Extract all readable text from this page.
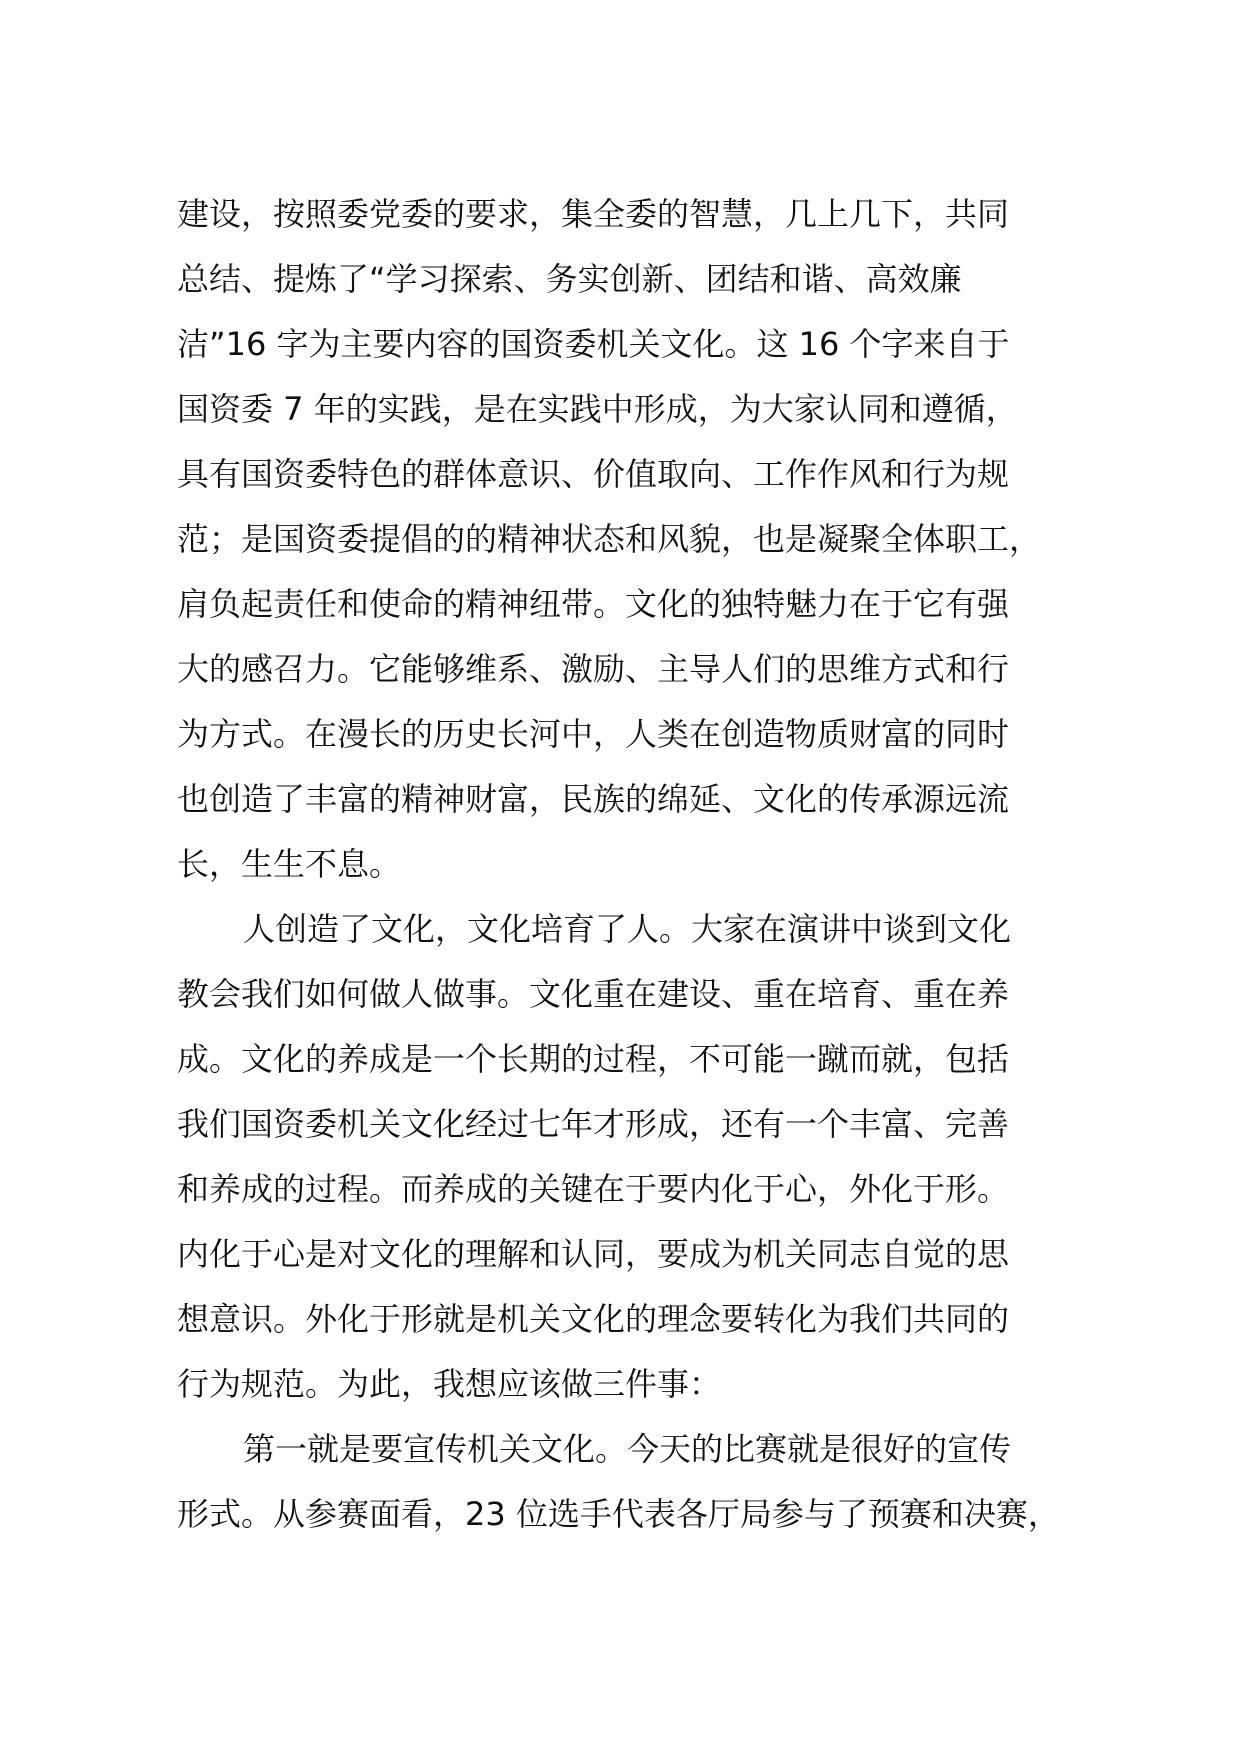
建设，按照委党委的要求，集全委的智慧，几上几下，共同
总结、提炼了“学习探索、务实创新、团结和谐、高效廉
洁”16 字为主要内容的国资委机关文化。这 16 个字来自于
国资委 7 年的实践，是在实践中形成，为大家认同和遵循，
具有国资委特色的群体意识、价值取向、工作作风和行为规
范；是国资委提倡的的精神状态和风貌，也是凝聚全体职工，
肩负起责任和使命的精神纽带。文化的独特魅力在于它有强
大的感召力。它能够维系、激励、主导人们的思维方式和行
为方式。在漫长的历史长河中，人类在创造物质财富的同时
也创造了丰富的精神财富，民族的绵延、文化的传承源远流
长，生生不息。
人创造了文化，文化培育了人。大家在演讲中谈到文化
教会我们如何做人做事。文化重在建设、重在培育、重在养
成。文化的养成是一个长期的过程，不可能一蹴而就，包括
我们国资委机关文化经过七年才形成，还有一个丰富、完善
和养成的过程。而养成的关键在于要内化于心，外化于形。
内化于心是对文化的理解和认同，要成为机关同志自觉的思
想意识。外化于形就是机关文化的理念要转化为我们共同的
行为规范。为此，我想应该做三件事：
第一就是要宣传机关文化。今天的比赛就是很好的宣传
形式。从参赛面看，23 位选手代表各厅局参与了预赛和决赛，
